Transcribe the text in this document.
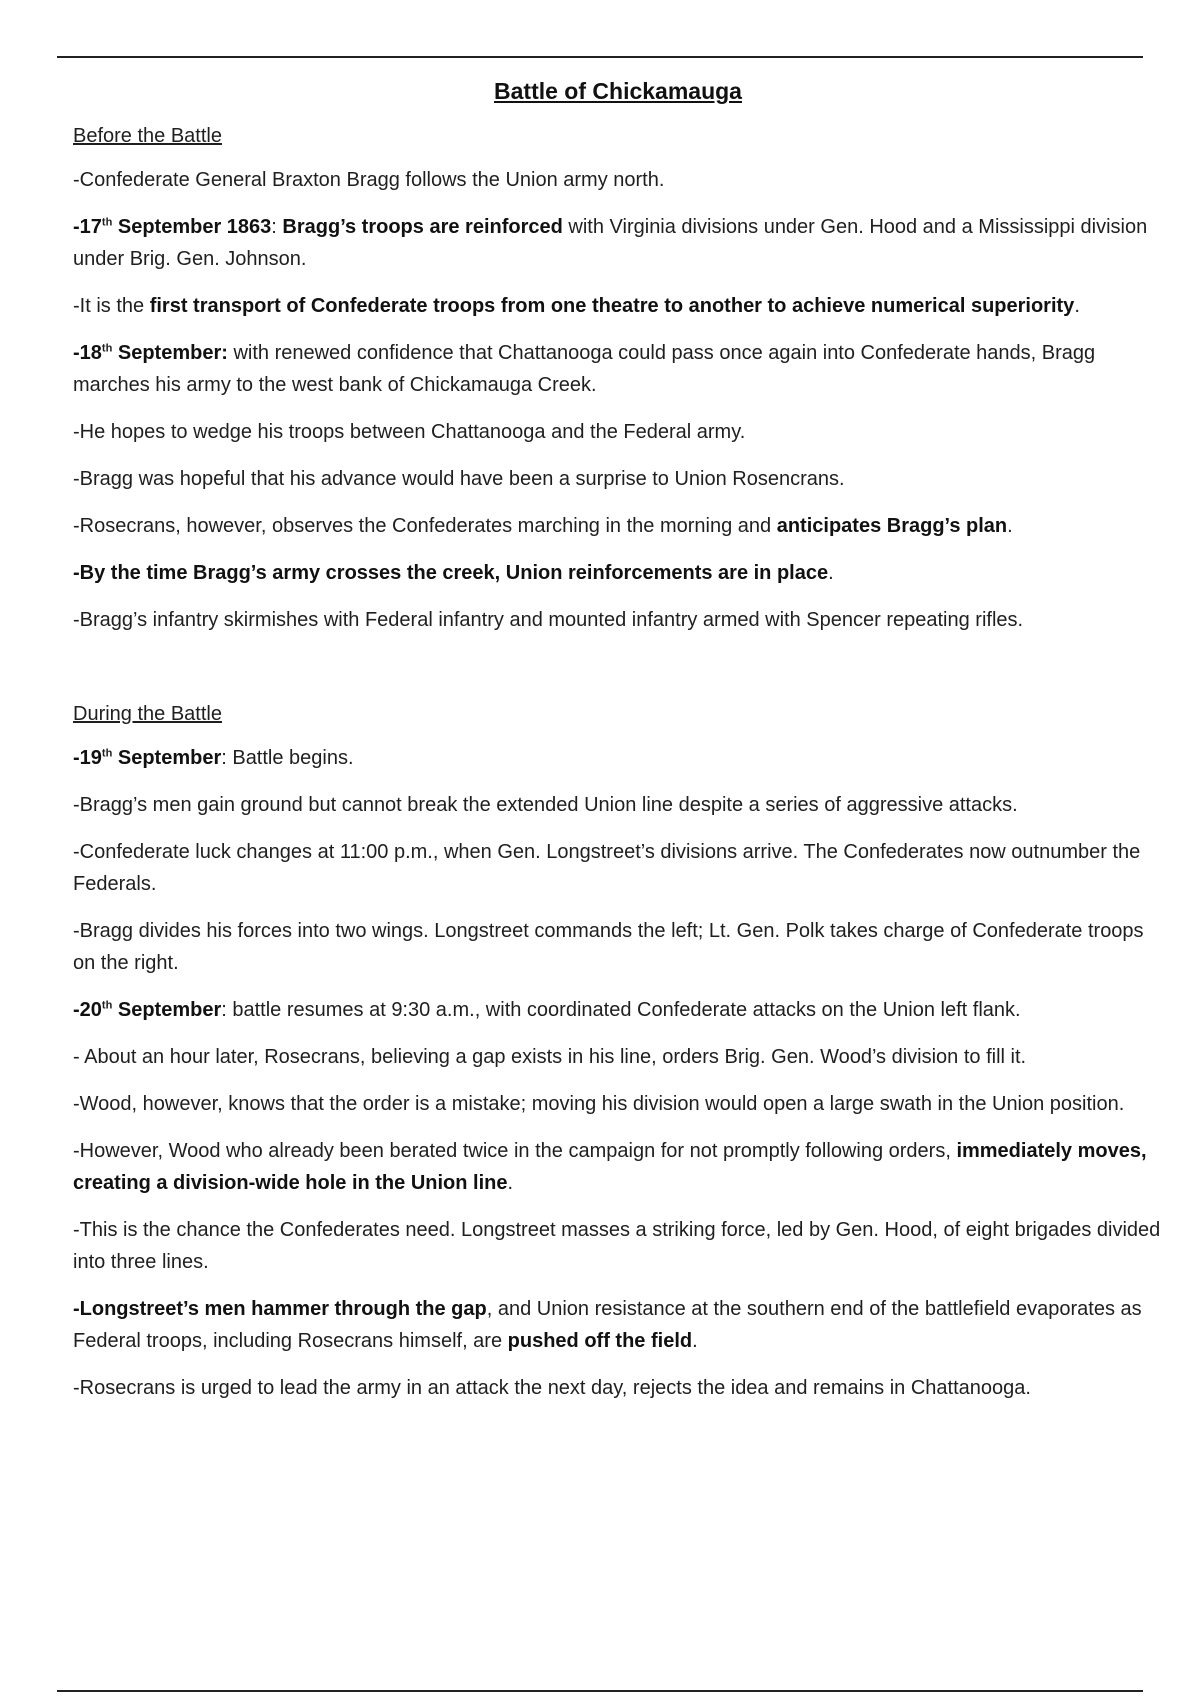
Battle of Chickamauga
Before the Battle

-Confederate General Braxton Bragg follows the Union army north.

-17th September 1863: Bragg’s troops are reinforced with Virginia divisions under Gen. Hood and a Mississippi division under Brig. Gen. Johnson.

-It is the first transport of Confederate troops from one theatre to another to achieve numerical superiority.

-18th September: with renewed confidence that Chattanooga could pass once again into Confederate hands, Bragg marches his army to the west bank of Chickamauga Creek.

-He hopes to wedge his troops between Chattanooga and the Federal army.

-Bragg was hopeful that his advance would have been a surprise to Union Rosencrans.

-Rosecrans, however, observes the Confederates marching in the morning and anticipates Bragg’s plan.

-By the time Bragg’s army crosses the creek, Union reinforcements are in place.

-Bragg’s infantry skirmishes with Federal infantry and mounted infantry armed with Spencer repeating rifles.

During the Battle

-19th September: Battle begins.

-Bragg’s men gain ground but cannot break the extended Union line despite a series of aggressive attacks.

-Confederate luck changes at 11:00 p.m., when Gen. Longstreet’s divisions arrive. The Confederates now outnumber the Federals.

-Bragg divides his forces into two wings. Longstreet commands the left; Lt. Gen. Polk takes charge of Confederate troops on the right.

-20th September: battle resumes at 9:30 a.m., with coordinated Confederate attacks on the Union left flank.

- About an hour later, Rosecrans, believing a gap exists in his line, orders Brig. Gen. Wood’s division to fill it.

-Wood, however, knows that the order is a mistake; moving his division would open a large swath in the Union position.

-However, Wood who already been berated twice in the campaign for not promptly following orders, immediately moves, creating a division-wide hole in the Union line.

-This is the chance the Confederates need. Longstreet masses a striking force, led by Gen. Hood, of eight brigades divided into three lines.

-Longstreet’s men hammer through the gap, and Union resistance at the southern end of the battlefield evaporates as Federal troops, including Rosecrans himself, are pushed off the field.

-Rosecrans is urged to lead the army in an attack the next day, rejects the idea and remains in Chattanooga.
